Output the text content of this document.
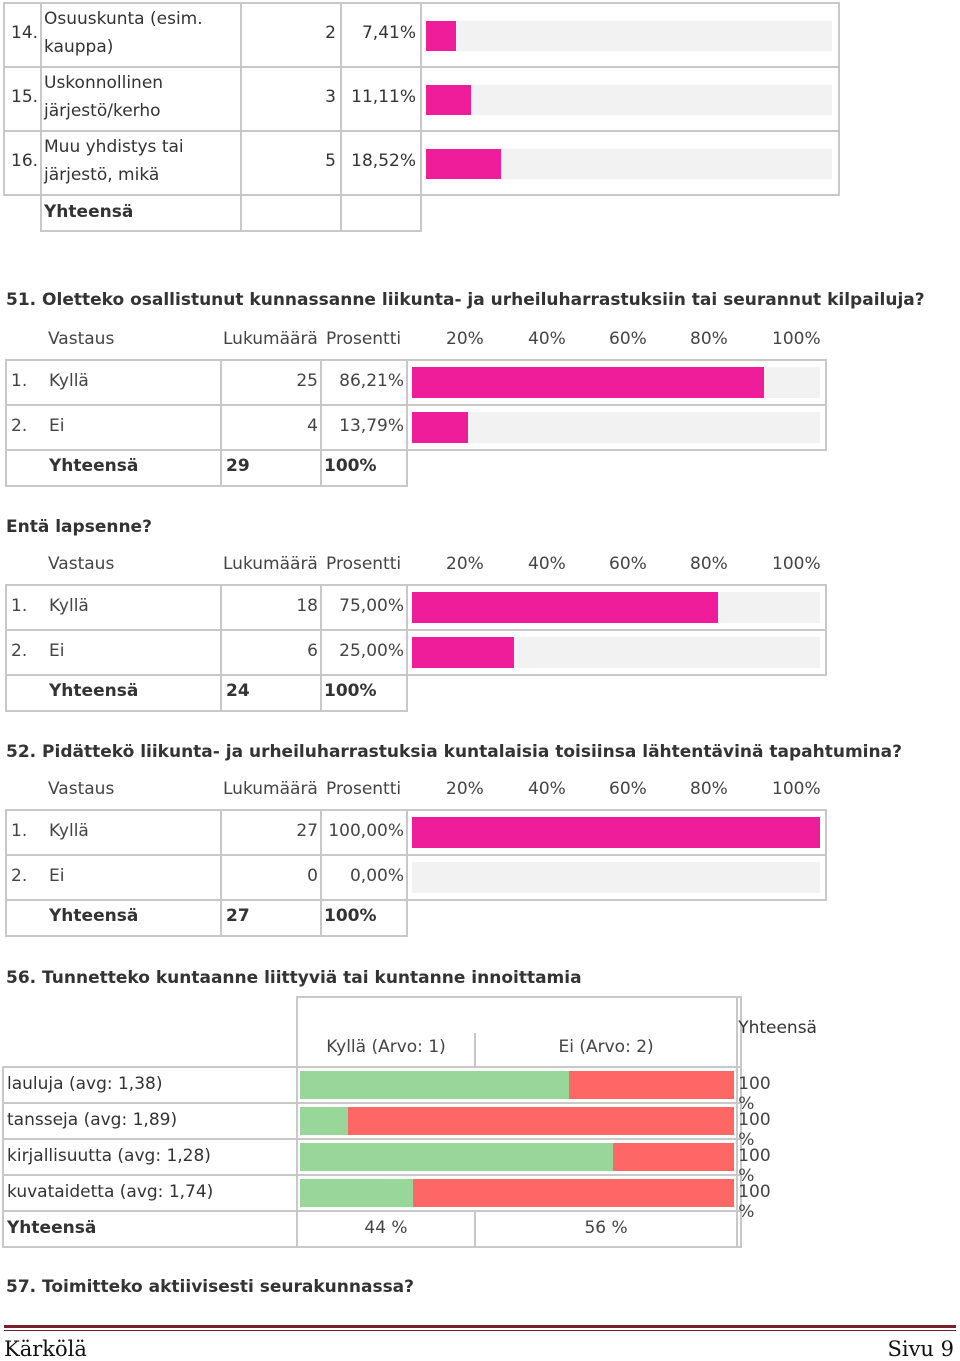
14.	Osuuskunta (esim.
kauppa)	2	7,41%	

15.	Uskonnollinen
järjestö/kerho	3	11,11%	

16.	Muu yhdistys tai
järjestö, mikä	5	18,52%	

	Yhteensä			

51. Oletteko osallistunut kunnassanne liikunta- ja urheiluharrastuksiin tai seurannut kilpailuja?
Vastaus	Lukumäärä Prosentti	20%	40%	60%	80%	100%
1. Kyllä	25	86,21%	

2. Ei	4	13,79%	

Yhteensä	29	100%	

Entä lapsenne?
Vastaus	Lukumäärä Prosentti	20%	40%	60%	80%	100%
1. Kyllä	18	75,00%	

2. Ei	6	25,00%	

Yhteensä	24	100%	

52. Pidättekö liikunta- ja urheiluharrastuksia kuntalaisia toisiinsa lähtentävinä tapahtumina?
Vastaus	Lukumäärä Prosentti	20%	40%	60%	80%	100%
1. Kyllä	27	100,00%	

2. Ei	0	0,00%	

Yhteensä	27	100%	

56. Tunnetteko kuntaanne liittyviä tai kuntanne innoittamia

			Yhteensä

	Kyllä (Arvo: 1)	Ei (Arvo: 2)	

lauluja (avg: 1,38)			100 %

tansseja (avg: 1,89)			100 %

kirjallisuutta (avg: 1,28)			100 %

kuvataidetta (avg: 1,74)			100 %

Yhteensä	44 %	56 %	

57. Toimitteko aktiivisesti seurakunnassa?
Kärkölä	Sivu 9
